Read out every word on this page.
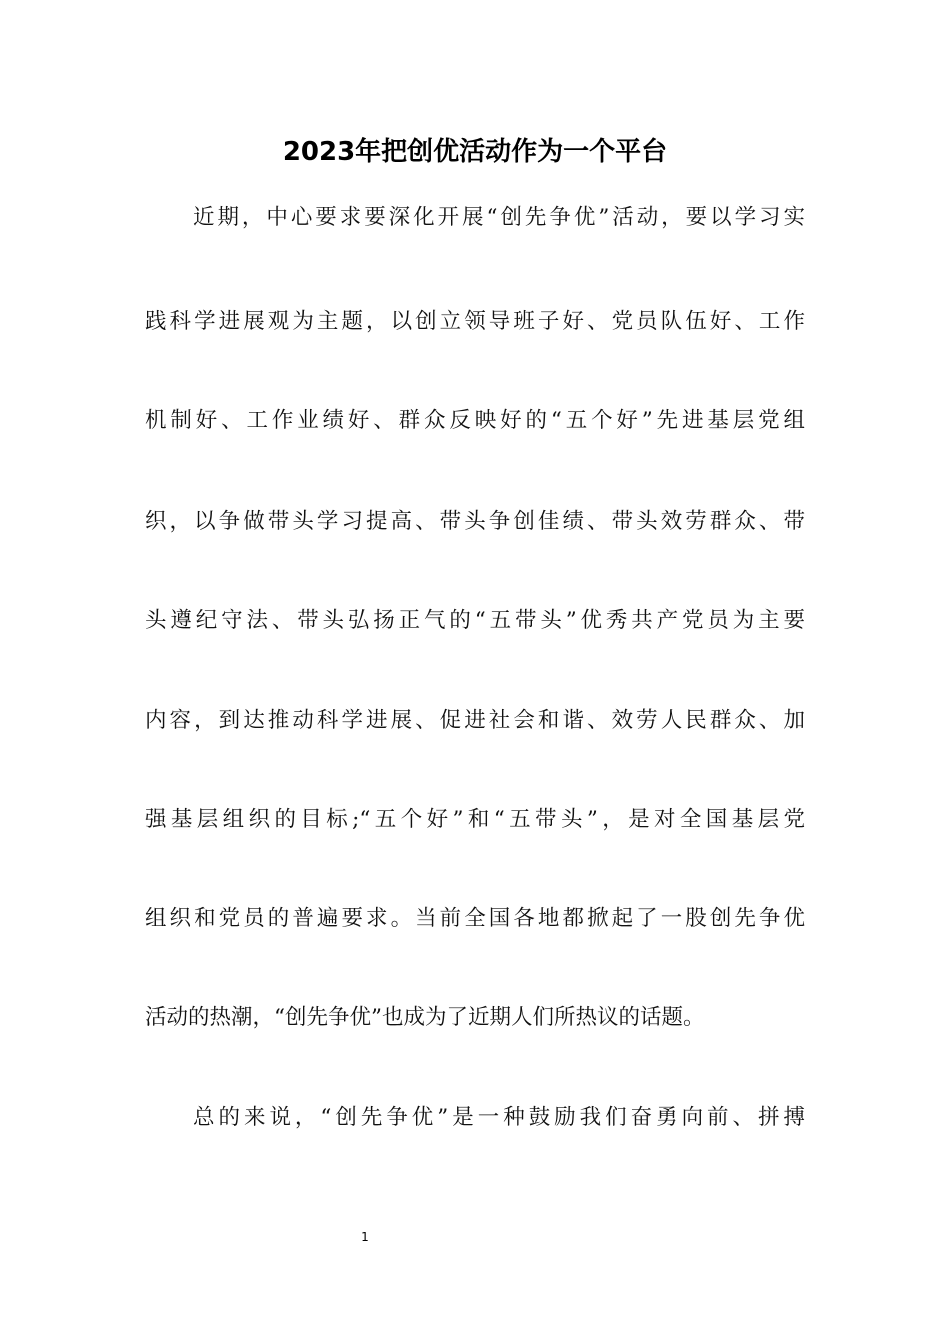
2023年把创优活动作为一个平台

近期，中心要求要深化开展“创先争优”活动，要以学习实

践科学进展观为主题，以创立领导班子好、党员队伍好、工作

机制好、工作业绩好、群众反映好的“五个好”先进基层党组

织，以争做带头学习提高、带头争创佳绩、带头效劳群众、带

头遵纪守法、带头弘扬正气的“五带头”优秀共产党员为主要

内容，到达推动科学进展、促进社会和谐、效劳人民群众、加

强基层组织的目标;“五个好”和“五带头”，是对全国基层党

组织和党员的普遍要求。当前全国各地都掀起了一股创先争优

活动的热潮，“创先争优”也成为了近期人们所热议的话题。

总的来说，“创先争优”是一种鼓励我们奋勇向前、拼搏

1
